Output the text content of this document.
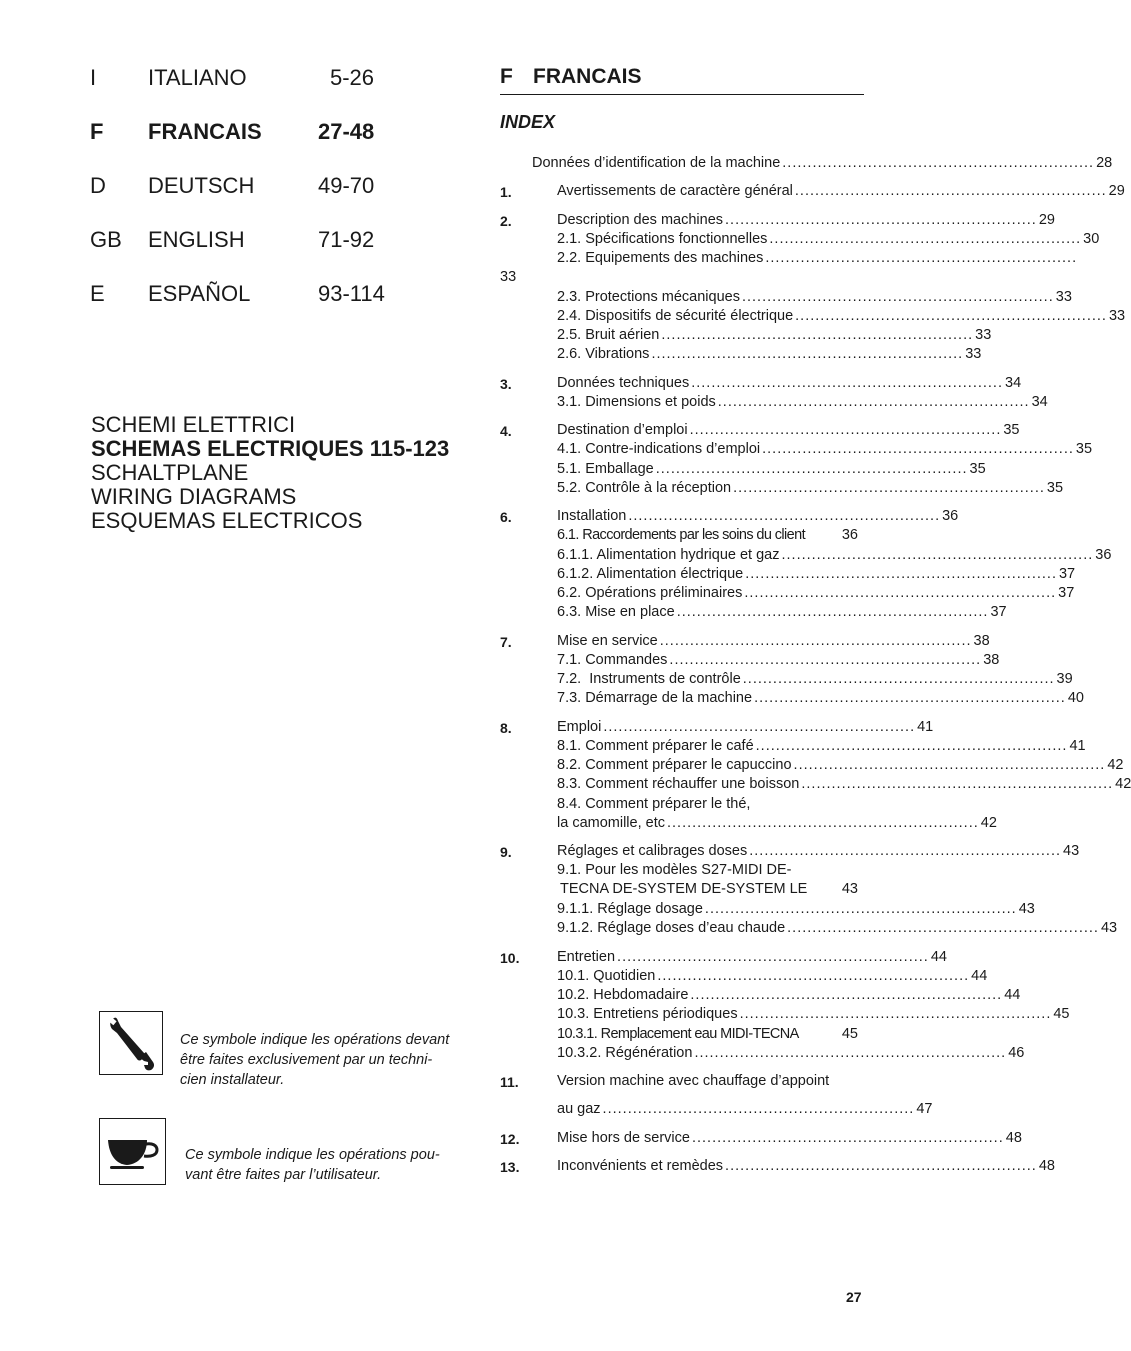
I ITALIANO	5-26
F FRANCAIS	27-48
D DEUTSCH	49-70
GB ENGLISH	71-92
E ESPAÑOL	93-114
SCHEMI ELETTRICI
SCHEMAS ELECTRIQUES 115-123
SCHALTPLANE
WIRING DIAGRAMS
ESQUEMAS ELECTRICOS
Ce symbole indique les opérations devant
être faites exclusivement par un techni-
cien installateur.
Ce symbole indique les opérations pou-
vant être faites par l’utilisateur.
F FRANCAIS
INDEX
Données d’identification de la machine .............................................................. 28
1.	Avertissements de caractère général .............................................................. 29
2.	Description des machines .............................................................. 29
2.1. Spécifications fonctionnelles .............................................................. 30
2.2. Equipements des machines ..............................................................
33
2.3. Protections mécaniques .............................................................. 33
2.4. Dispositifs de sécurité électrique .............................................................. 33
2.5. Bruit aérien .............................................................. 33
2.6. Vibrations .............................................................. 33
3.	Données techniques .............................................................. 34
3.1. Dimensions et poids .............................................................. 34
4.	Destination d’emploi .............................................................. 35
4.1. Contre-indications d’emploi .............................................................. 35
5.1. Emballage .............................................................. 35
5.2. Contrôle à la réception .............................................................. 35
6.	Installation .............................................................. 36
6.1. Raccordements par les soins du client	36
6.1.1. Alimentation hydrique et gaz .............................................................. 36
6.1.2. Alimentation électrique .............................................................. 37
6.2. Opérations préliminaires .............................................................. 37
6.3. Mise en place .............................................................. 37
7.	Mise en service .............................................................. 38
7.1. Commandes .............................................................. 38
7.2.  Instruments de contrôle .............................................................. 39
7.3. Démarrage de la machine .............................................................. 40
8.	Emploi .............................................................. 41
8.1. Comment préparer le café .............................................................. 41
8.2. Comment préparer le capuccino .............................................................. 42
8.3. Comment réchauffer une boisson .............................................................. 42
8.4. Comment préparer le thé,
la camomille, etc .............................................................. 42
9.	Réglages et calibrages doses .............................................................. 43
9.1. Pour les modèles S27-MIDI DE-
TECNA DE-SYSTEM DE-SYSTEM LE 43
9.1.1. Réglage dosage .............................................................. 43
9.1.2. Réglage doses d’eau chaude .............................................................. 43
10.	Entretien .............................................................. 44
10.1. Quotidien .............................................................. 44
10.2. Hebdomadaire .............................................................. 44
10.3. Entretiens périodiques .............................................................. 45
10.3.1. Remplacement eau MIDI-TECNA	45
10.3.2. Régénération .............................................................. 46
11.	Version machine avec chauffage d’appoint
au gaz .............................................................. 47
12.	Mise hors de service .............................................................. 48
13.	Inconvénients et remèdes .............................................................. 48
27
